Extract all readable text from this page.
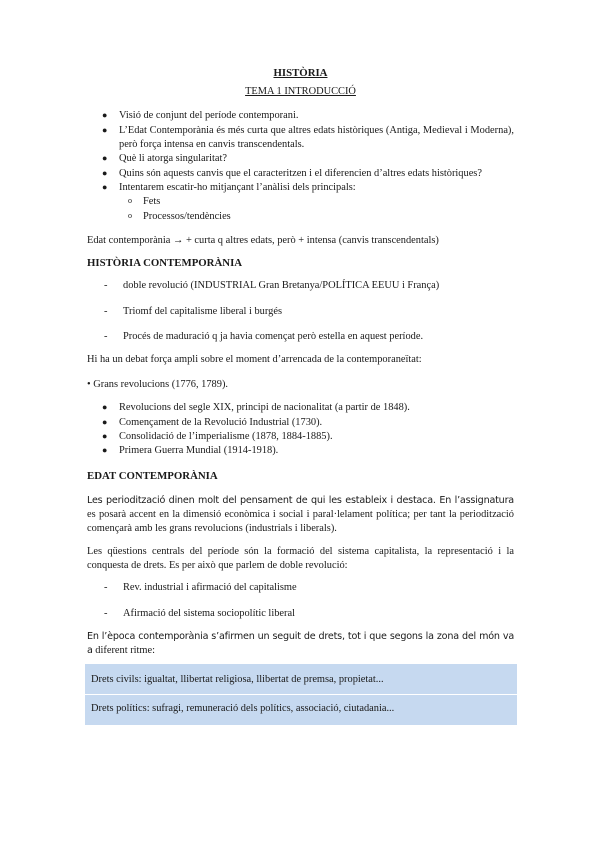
HISTÒRIA
TEMA 1 INTRODUCCIÓ
● Visió de conjunt del període contemporani.
● L’Edat Contemporània és més curta que altres edats històriques (Antiga, Medieval i Moderna), però força intensa en canvis transcendentals.
● Què li atorga singularitat?
● Quins són aquests canvis que el caracteritzen i el diferencien d’altres edats històriques?
● Intentarem escatir-ho mitjançant l’anàlisi dels principals:
o Fets
o Processos/tendències

Edat contemporània → + curta q altres edats, però + intensa (canvis transcendentals)

HISTÒRIA CONTEMPORÀNIA

- doble revolució (INDUSTRIAL Gran Bretanya/POLÍTICA EEUU i França)
- Triomf del capitalisme liberal i burgés
- Procés de maduració q ja havia començat però estella en aquest període.

Hi ha un debat força ampli sobre el moment d’arrencada de la contemporaneïtat:

• Grans revolucions (1776, 1789).

● Revolucions del segle XIX, principi de nacionalitat (a partir de 1848).
● Començament de la Revolució Industrial (1730).
● Consolidació de l’imperialisme (1878, 1884-1885).
● Primera Guerra Mundial (1914-1918).

EDAT CONTEMPORÀNIA

Les periodització dinen molt del pensament de qui les estableix i destaca. En l’assignatura es posarà accent en la dimensió econòmica i social i paral·lelament política; per tant la periodització començarà amb les grans revolucions (industrials i liberals).

Les qüestions centrals del període són la formació del sistema capitalista, la representació i la conquesta de drets. Es per això que parlem de doble revolució:

- Rev. industrial i afirmació del capitalisme
- Afirmació del sistema sociopolític liberal

En l’època contemporània s’afirmen un seguit de drets, tot i que segons la zona del món va a diferent ritme:

Drets civils: igualtat, llibertat religiosa, llibertat de premsa, propietat...
Drets polítics: sufragi, remuneració dels polítics, associació, ciutadania...
